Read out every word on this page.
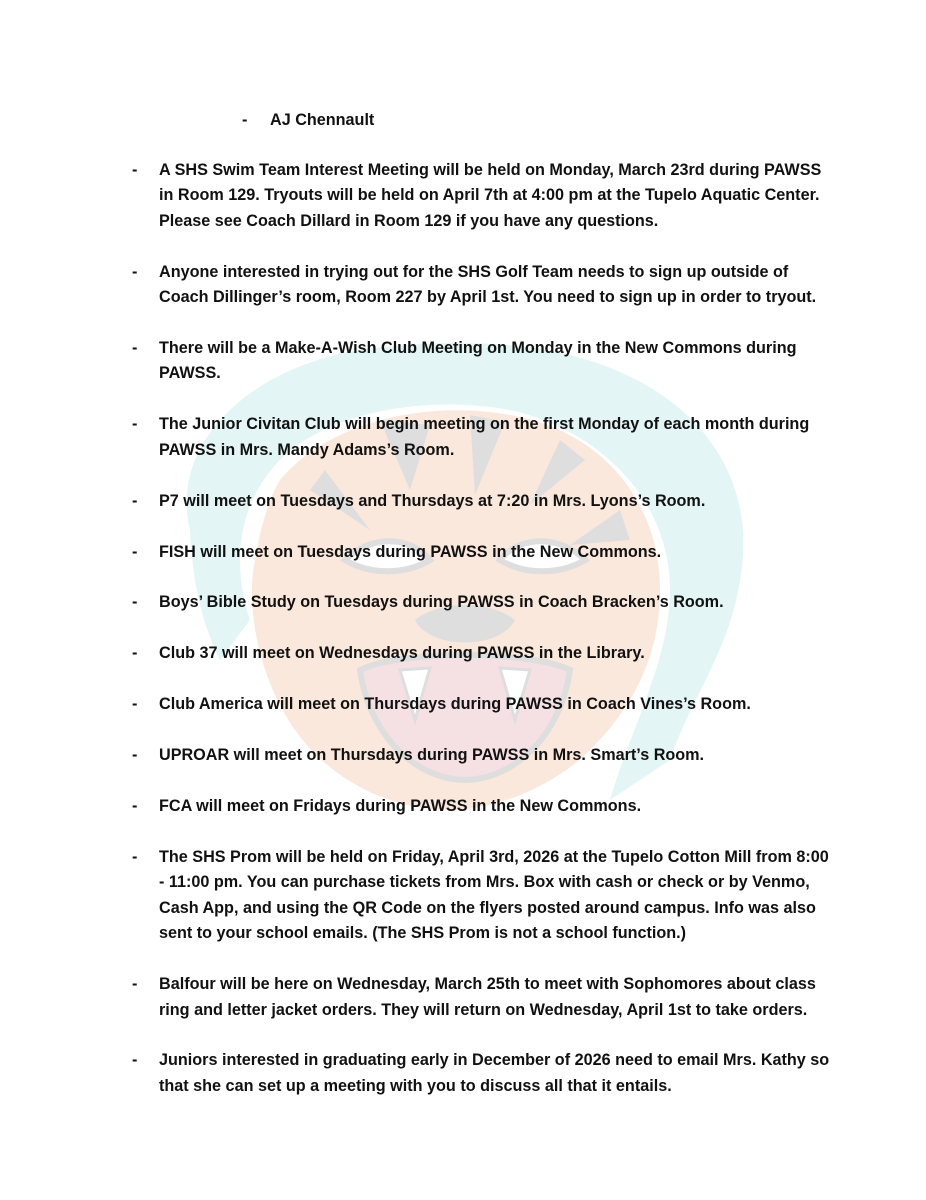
-	AJ Chennault
-	A SHS Swim Team Interest Meeting will be held on Monday, March 23rd during PAWSS in Room 129. Tryouts will be held on April 7th at 4:00 pm at the Tupelo Aquatic Center. Please see Coach Dillard in Room 129 if you have any questions.
-	Anyone interested in trying out for the SHS Golf Team needs to sign up outside of Coach Dillinger’s room, Room 227 by April 1st. You need to sign up in order to tryout.
-	There will be a Make-A-Wish Club Meeting on Monday in the New Commons during PAWSS.
-	The Junior Civitan Club will begin meeting on the first Monday of each month during PAWSS in Mrs. Mandy Adams’s Room.
-	P7 will meet on Tuesdays and Thursdays at 7:20 in Mrs. Lyons’s Room.
-	FISH will meet on Tuesdays during PAWSS in the New Commons.
-	Boys’ Bible Study on Tuesdays during PAWSS in Coach Bracken’s Room.
-	Club 37 will meet on Wednesdays during PAWSS in the Library.
-	Club America will meet on Thursdays during PAWSS in Coach Vines’s Room.
-	UPROAR will meet on Thursdays during PAWSS in Mrs. Smart’s Room.
-	FCA will meet on Fridays during PAWSS in the New Commons.
-	The SHS Prom will be held on Friday, April 3rd, 2026 at the Tupelo Cotton Mill from 8:00 - 11:00 pm. You can purchase tickets from Mrs. Box with cash or check or by Venmo, Cash App, and using the QR Code on the flyers posted around campus. Info was also sent to your school emails. (The SHS Prom is not a school function.)
-	Balfour will be here on Wednesday, March 25th to meet with Sophomores about class ring and letter jacket orders. They will return on Wednesday, April 1st to take orders.
-	Juniors interested in graduating early in December of 2026 need to email Mrs. Kathy so that she can set up a meeting with you to discuss all that it entails.
